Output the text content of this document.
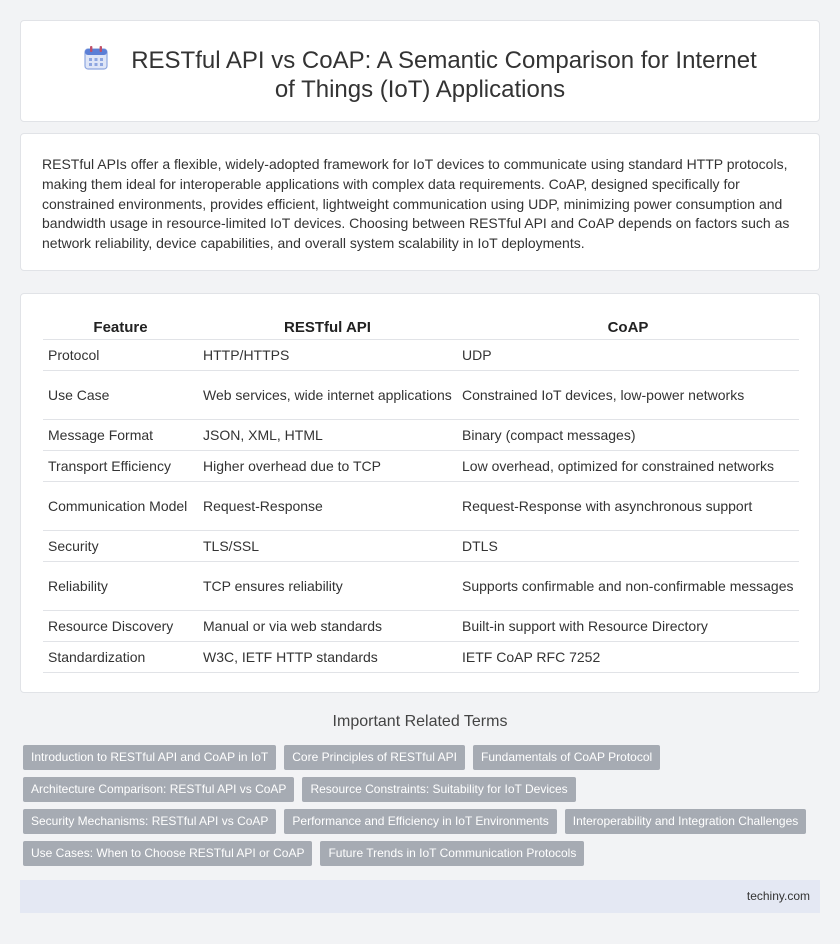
RESTful API vs CoAP: A Semantic Comparison for Internet of Things (IoT) Applications

RESTful APIs offer a flexible, widely-adopted framework for IoT devices to communicate using standard HTTP protocols, making them ideal for interoperable applications with complex data requirements. CoAP, designed specifically for constrained environments, provides efficient, lightweight communication using UDP, minimizing power consumption and bandwidth usage in resource-limited IoT devices. Choosing between RESTful API and CoAP depends on factors such as network reliability, device capabilities, and overall system scalability in IoT deployments.

Feature	RESTful API	CoAP
Protocol	HTTP/HTTPS	UDP
Use Case	Web services, wide internet applications	Constrained IoT devices, low-power networks
Message Format	JSON, XML, HTML	Binary (compact messages)
Transport Efficiency	Higher overhead due to TCP	Low overhead, optimized for constrained networks
Communication Model	Request-Response	Request-Response with asynchronous support
Security	TLS/SSL	DTLS
Reliability	TCP ensures reliability	Supports confirmable and non-confirmable messages
Resource Discovery	Manual or via web standards	Built-in support with Resource Directory
Standardization	W3C, IETF HTTP standards	IETF CoAP RFC 7252
Important Related Terms
Introduction to RESTful API and CoAP in IoT	Core Principles of RESTful API	Fundamentals of CoAP Protocol
Architecture Comparison: RESTful API vs CoAP	Resource Constraints: Suitability for IoT Devices
Security Mechanisms: RESTful API vs CoAP	Performance and Efficiency in IoT Environments	Interoperability and Integration Challenges
Use Cases: When to Choose RESTful API or CoAP	Future Trends in IoT Communication Protocols
techiny.com
